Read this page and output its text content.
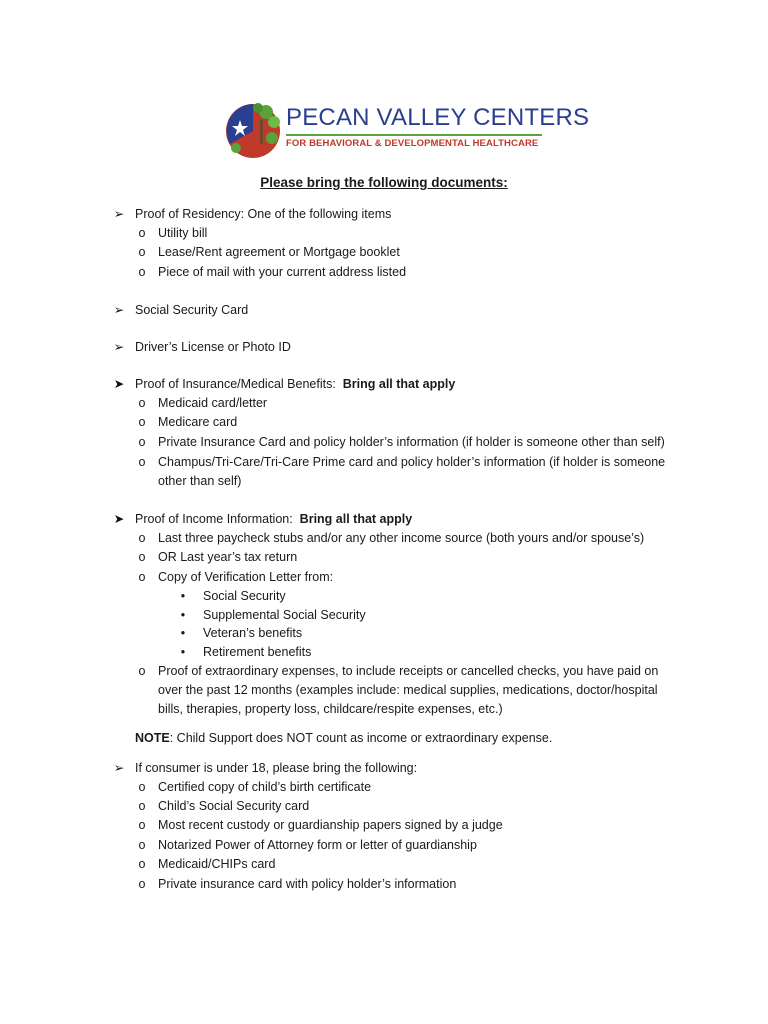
PECAN VALLEY CENTERS
FOR BEHAVIORAL & DEVELOPMENTAL HEALTHCARE
Please bring the following documents:
➢ Proof of Residency: One of the following items
o Utility bill
o Lease/Rent agreement or Mortgage booklet
o Piece of mail with your current address listed
➢ Social Security Card
➢ Driver’s License or Photo ID
➤ Proof of Insurance/Medical Benefits: Bring all that apply
o Medicaid card/letter
o Medicare card
o Private Insurance Card and policy holder’s information (if holder is someone other than self)
o Champus/Tri-Care/Tri-Care Prime card and policy holder’s information (if holder is someone
other than self)
➤ Proof of Income Information: Bring all that apply
o Last three paycheck stubs and/or any other income source (both yours and/or spouse’s)
o OR Last year’s tax return
o Copy of Verification Letter from:
•	Social Security
•	Supplemental Social Security
•	Veteran’s benefits
•	Retirement benefits
o Proof of extraordinary expenses, to include receipts or cancelled checks, you have paid on
over the past 12 months (examples include: medical supplies, medications, doctor/hospital
bills, therapies, property loss, childcare/respite expenses, etc.)
NOTE: Child Support does NOT count as income or extraordinary expense.
➢ If consumer is under 18, please bring the following:
o Certified copy of child’s birth certificate
o Child’s Social Security card
o Most recent custody or guardianship papers signed by a judge
o Notarized Power of Attorney form or letter of guardianship
o Medicaid/CHIPs card
o Private insurance card with policy holder’s information
